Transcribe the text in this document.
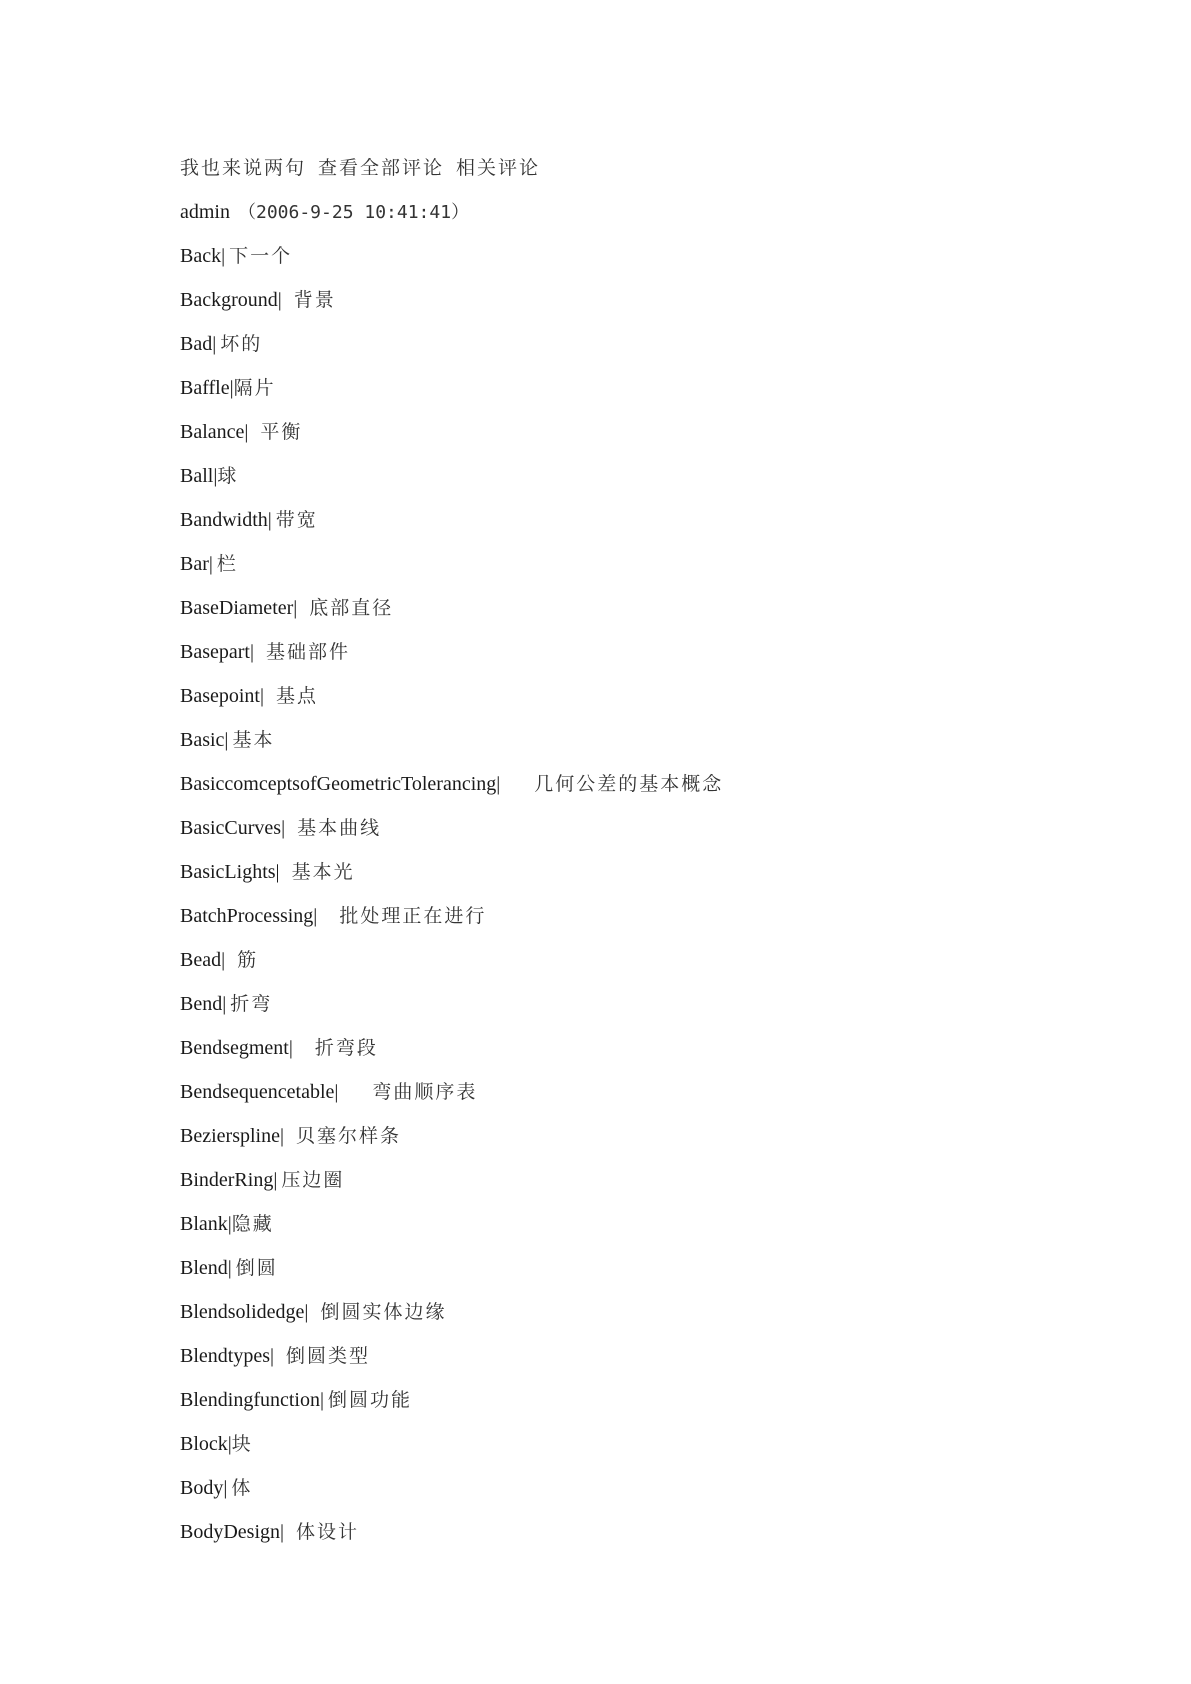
我也来说两句 查看全部评论 相关评论
admin （2006-9-25 10:41:41）
Back| 下一个
Background| 背景
Bad| 坏的
Baffle|隔片
Balance| 平衡
Ball|球
Bandwidth| 带宽
Bar| 栏
BaseDiameter| 底部直径
Basepart| 基础部件
Basepoint| 基点
Basic| 基本
BasiccomceptsofGeometricTolerancing| 几何公差的基本概念
BasicCurves| 基本曲线
BasicLights| 基本光
BatchProcessing| 批处理正在进行
Bead| 筋
Bend| 折弯
Bendsegment| 折弯段
Bendsequencetable| 弯曲顺序表
Bezierspline| 贝塞尔样条
BinderRing| 压边圈
Blank|隐藏
Blend| 倒圆
Blendsolidedge| 倒圆实体边缘
Blendtypes| 倒圆类型
Blendingfunction| 倒圆功能
Block|块
Body| 体
BodyDesign| 体设计
